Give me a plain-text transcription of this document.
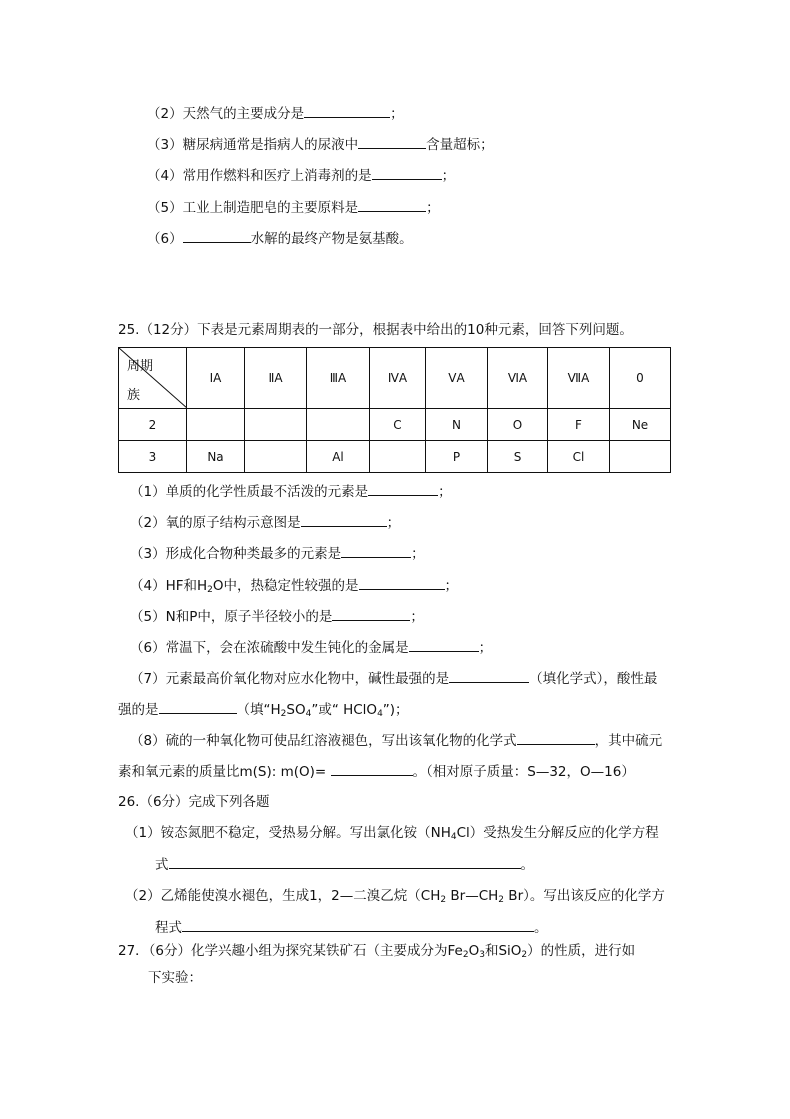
（2）天然气的主要成分是	；
（3）糖尿病通常是指病人的尿液中	含量超标；
（4）常用作燃料和医疗上消毒剂的是	；
（5）工业上制造肥皂的主要原料是	；
（6）	水解的最终产物是氨基酸。
25.（12分）下表是元素周期表的一部分，根据表中给出的10种元素，回答下列问题。
周期
族	ⅠA	ⅡA	ⅢA	ⅣA	ⅤA	ⅥA	ⅦA	0
2				C	N	O	F	Ne
3	Na		Al		P	S	Cl	
（1）单质的化学性质最不活泼的元素是	；
（2）氧的原子结构示意图是	；
（3）形成化合物种类最多的元素是	；
（4）HF和$H_2O$中，热稳定性较强的是	；
（5）N和P中，原子半径较小的是	；
（6）常温下，会在浓硫酸中发生钝化的金属是	；
（7）元素最高价氧化物对应水化物中，碱性最强的是	（填化学式），酸性最
强的是	（填“$H_2SO_4$”或“ HClO$_4$”)；
（8）硫的一种氧化物可使品红溶液褪色，写出该氧化物的化学式	，其中硫元
素和氧元素的质量比m(S): m(O)=	。（相对原子质量：S—32，O—16）
26.（6分）完成下列各题
（1）铵态氮肥不稳定，受热易分解。写出氯化铵$(NH_4Cl)$受热发生分解反应的化学方程
式	。
（2）乙烯能使溴水褪色，生成1，2—二溴乙烷（$CH_2$ $Br—CH_2$ Br）。写出该反应的化学方
程式	。
27．（6分）化学兴趣小组为探究某铁矿石（主要成分为$Fe_2O_3$和SiO$_2$）的性质，进行如
下实验：
